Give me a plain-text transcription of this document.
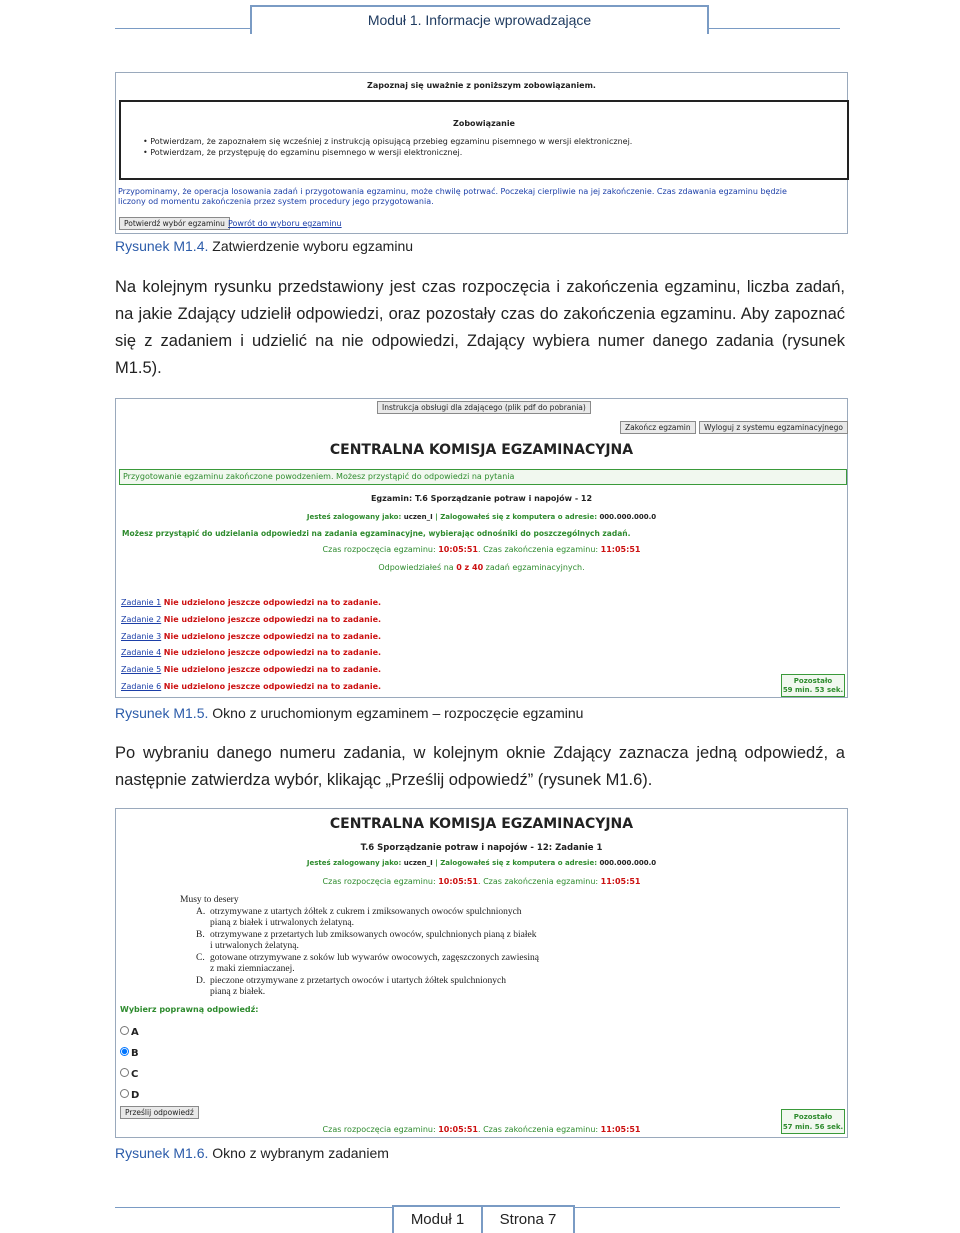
Moduł 1. Informacje wprowadzające
Zapoznaj się uważnie z poniższym zobowiązaniem.
Zobowiązanie
• Potwierdzam, że zapoznałem się wcześniej z instrukcją opisującą przebieg egzaminu pisemnego w wersji elektronicznej.
• Potwierdzam, że przystępuję do egzaminu pisemnego w wersji elektronicznej.
Przypominamy, że operacja losowania zadań i przygotowania egzaminu, może chwilę potrwać. Poczekaj cierpliwie na jej zakończenie. Czas zdawania egzaminu będzie
liczony od momentu zakończenia przez system procedury jego przygotowania.
Potwierdź wybór egzaminu Powrót do wyboru egzaminu
Rysunek M1.4. Zatwierdzenie wyboru egzaminu
Na kolejnym rysunku przedstawiony jest czas rozpoczęcia i zakończenia egzaminu, liczba zadań, na jakie Zdający udzielił odpowiedzi, oraz pozostały czas do zakończenia egzaminu. Aby zapoznać się z zadaniem i udzielić na nie odpowiedzi, Zdający wybiera numer danego zadania (rysunek M1.5).
Instrukcja obsługi dla zdającego (plik pdf do pobrania)
Zakończ egzamin	Wyloguj z systemu egzaminacyjnego
CENTRALNA KOMISJA EGZAMINACYJNA
Przygotowanie egzaminu zakończone powodzeniem. Możesz przystąpić do odpowiedzi na pytania
Egzamin: T.6 Sporządzanie potraw i napojów - 12
Jesteś zalogowany jako: uczen_I | Zalogowałeś się z komputera o adresie: 000.000.000.0
Możesz przystąpić do udzielania odpowiedzi na zadania egzaminacyjne, wybierając odnośniki do poszczególnych zadań.
Czas rozpoczęcia egzaminu: 10:05:51. Czas zakończenia egzaminu: 11:05:51
Odpowiedziałeś na 0 z 40 zadań egzaminacyjnych.
Zadanie 1 Nie udzielono jeszcze odpowiedzi na to zadanie.
Zadanie 2 Nie udzielono jeszcze odpowiedzi na to zadanie.
Zadanie 3 Nie udzielono jeszcze odpowiedzi na to zadanie.
Zadanie 4 Nie udzielono jeszcze odpowiedzi na to zadanie.
Zadanie 5 Nie udzielono jeszcze odpowiedzi na to zadanie.
Zadanie 6 Nie udzielono jeszcze odpowiedzi na to zadanie.
Pozostało
59 min. 53 sek.
Rysunek M1.5. Okno z uruchomionym egzaminem – rozpoczęcie egzaminu
Po wybraniu danego numeru zadania, w kolejnym oknie Zdający zaznacza jedną odpowiedź, a następnie zatwierdza wybór, klikając „Prześlij odpowiedź” (rysunek M1.6).
CENTRALNA KOMISJA EGZAMINACYJNA
T.6 Sporządzanie potraw i napojów - 12: Zadanie 1
Jesteś zalogowany jako: uczen_I | Zalogowałeś się z komputera o adresie: 000.000.000.0
Czas rozpoczęcia egzaminu: 10:05:51. Czas zakończenia egzaminu: 11:05:51
Musy to desery
A. otrzymywane z utartych żółtek z cukrem i zmiksowanych owoców spulchnionych
pianą z białek i utrwalonych żelatyną.
B. otrzymywane z przetartych lub zmiksowanych owoców, spulchnionych pianą z białek
i utrwalonych żelatyną.
C. gotowane otrzymywane z soków lub wywarów owocowych, zagęszczonych zawiesiną
z maki ziemniaczanej.
D. pieczone otrzymywane z przetartych owoców i utartych żółtek spulchnionych
pianą z białek.
Wybierz poprawną odpowiedź:
A
B
C
D
Prześlij odpowiedź
Czas rozpoczęcia egzaminu: 10:05:51. Czas zakończenia egzaminu: 11:05:51
Pozostało
57 min. 56 sek.
Rysunek M1.6. Okno z wybranym zadaniem
Moduł 1	Strona 7
